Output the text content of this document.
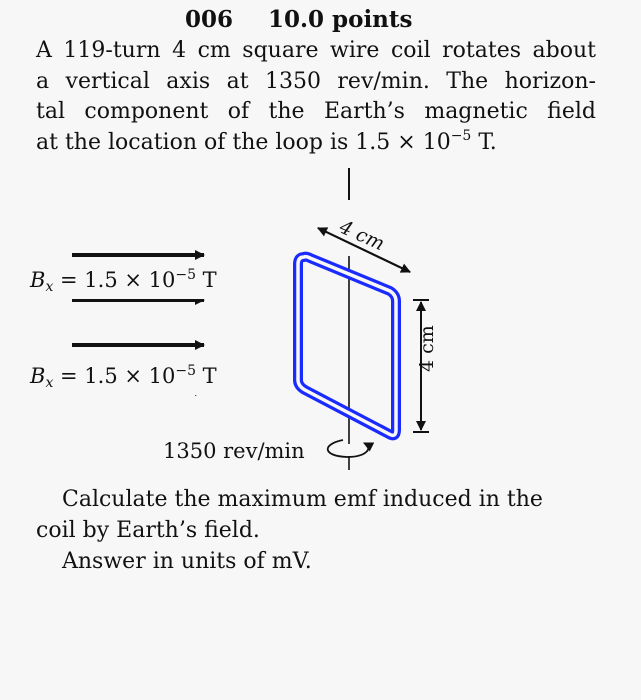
006 10.0 points
A 119-turn 4 cm square wire coil rotates about
a vertical axis at 1350 rev/min. The horizon-
tal component of the Earth’s magnetic field
at the location of the loop is $1.5 \times 10^{-5}$ T.
$B_x = 1.5 \times 10^{-5}$ T
$B_x = 1.5 \times 10^{-5}$ T
4 cm
4 cm
1350 rev/min
Calculate the maximum emf induced in the
coil by Earth’s field.
Answer in units of mV.
